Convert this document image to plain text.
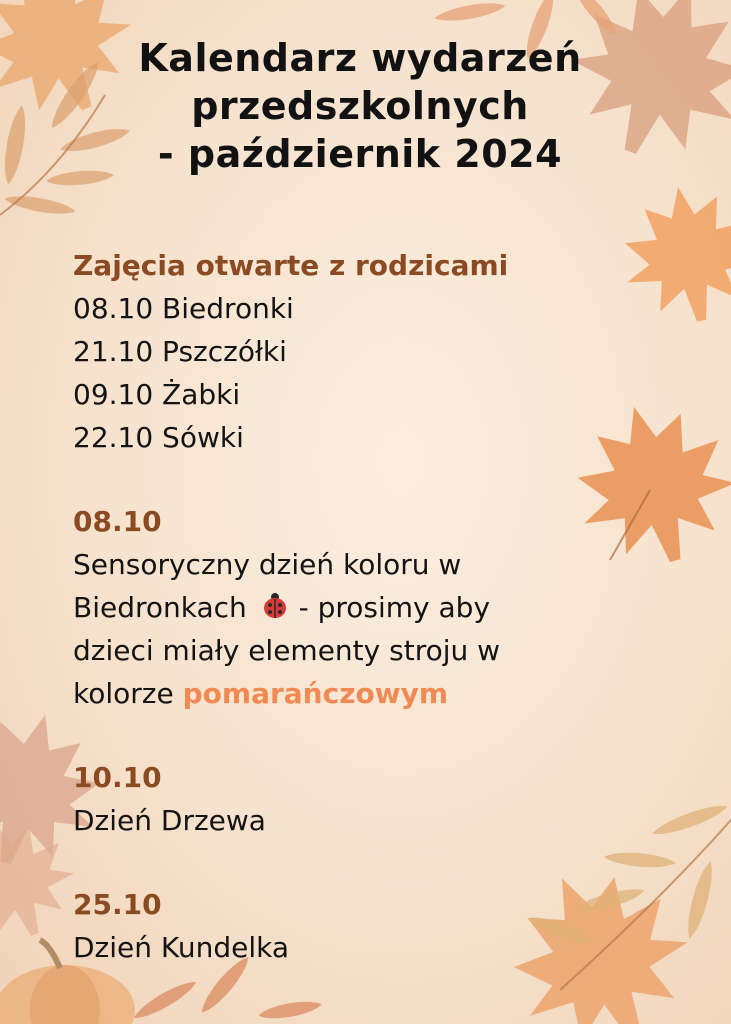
Kalendarz wydarzeń
przedszkolnych
- październik 2024
Zajęcia otwarte z rodzicami
08.10 Biedronki
21.10 Pszczółki
09.10 Żabki
22.10 Sówki
08.10
Sensoryczny dzień koloru w
Biedronkach - prosimy aby
dzieci miały elementy stroju w
kolorze pomarańczowym
10.10
Dzień Drzewa
25.10
Dzień Kundelka
